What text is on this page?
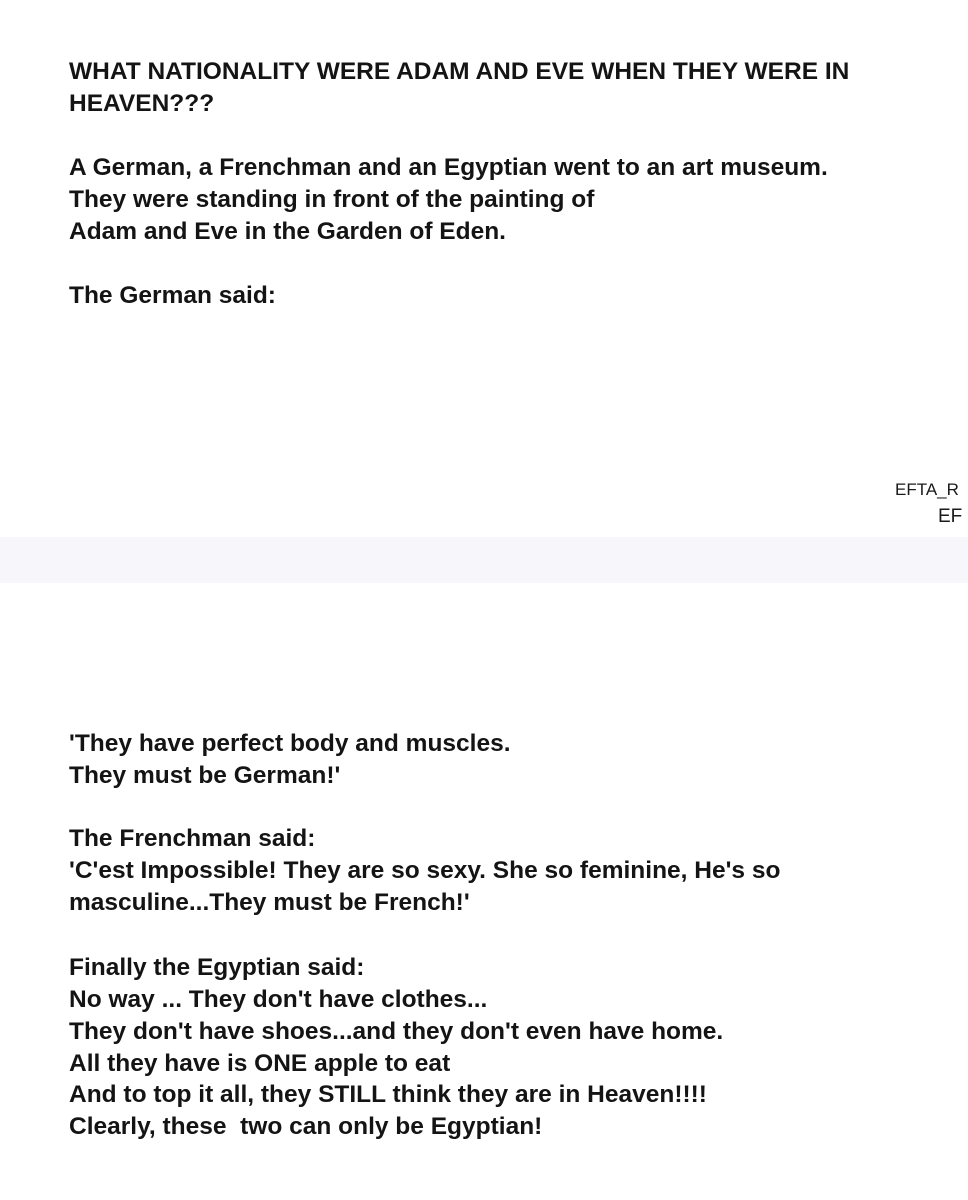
WHAT NATIONALITY WERE ADAM AND EVE WHEN THEY WERE IN

HEAVEN???

A German, a Frenchman and an Egyptian went to an art museum.

They were standing in front of the painting of

Adam and Eve in the Garden of Eden.

The German said:

EFTA_R
EF

'They have perfect body and muscles.

They must be German!'

The Frenchman said:

'C'est Impossible! They are so sexy. She so feminine, He's so

masculine...They must be French!'

Finally the Egyptian said:

No way ... They don't have clothes...

They don't have shoes...and they don't even have home.

All they have is ONE apple to eat

And to top it all, they STILL think they are in Heaven!!!!

Clearly, these  two can only be Egyptian!
